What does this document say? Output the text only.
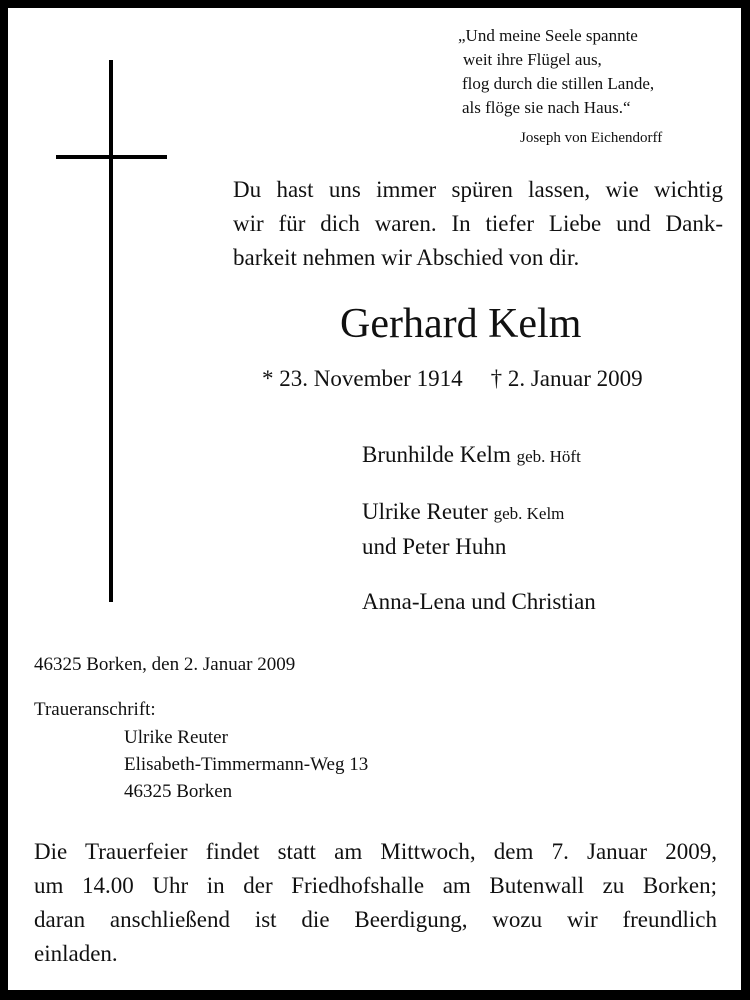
„Und meine Seele spannte
weit ihre Flügel aus,
flog durch die stillen Lande,
als flöge sie nach Haus.“
Joseph von Eichendorff
Du hast uns immer spüren lassen, wie wichtig
wir für dich waren. In tiefer Liebe und Dank-
barkeit nehmen wir Abschied von dir.
Gerhard Kelm
* 23. November 1914 † 2. Januar 2009
Brunhilde Kelm geb. Höft
Ulrike Reuter geb. Kelm
und Peter Huhn
Anna-Lena und Christian
46325 Borken, den 2. Januar 2009
Traueranschrift:
Ulrike Reuter
Elisabeth-Timmermann-Weg 13
46325 Borken
Die Trauerfeier findet statt am Mittwoch, dem 7. Januar 2009,
um 14.00 Uhr in der Friedhofshalle am Butenwall zu Borken;
daran anschließend ist die Beerdigung, wozu wir freundlich
einladen.
